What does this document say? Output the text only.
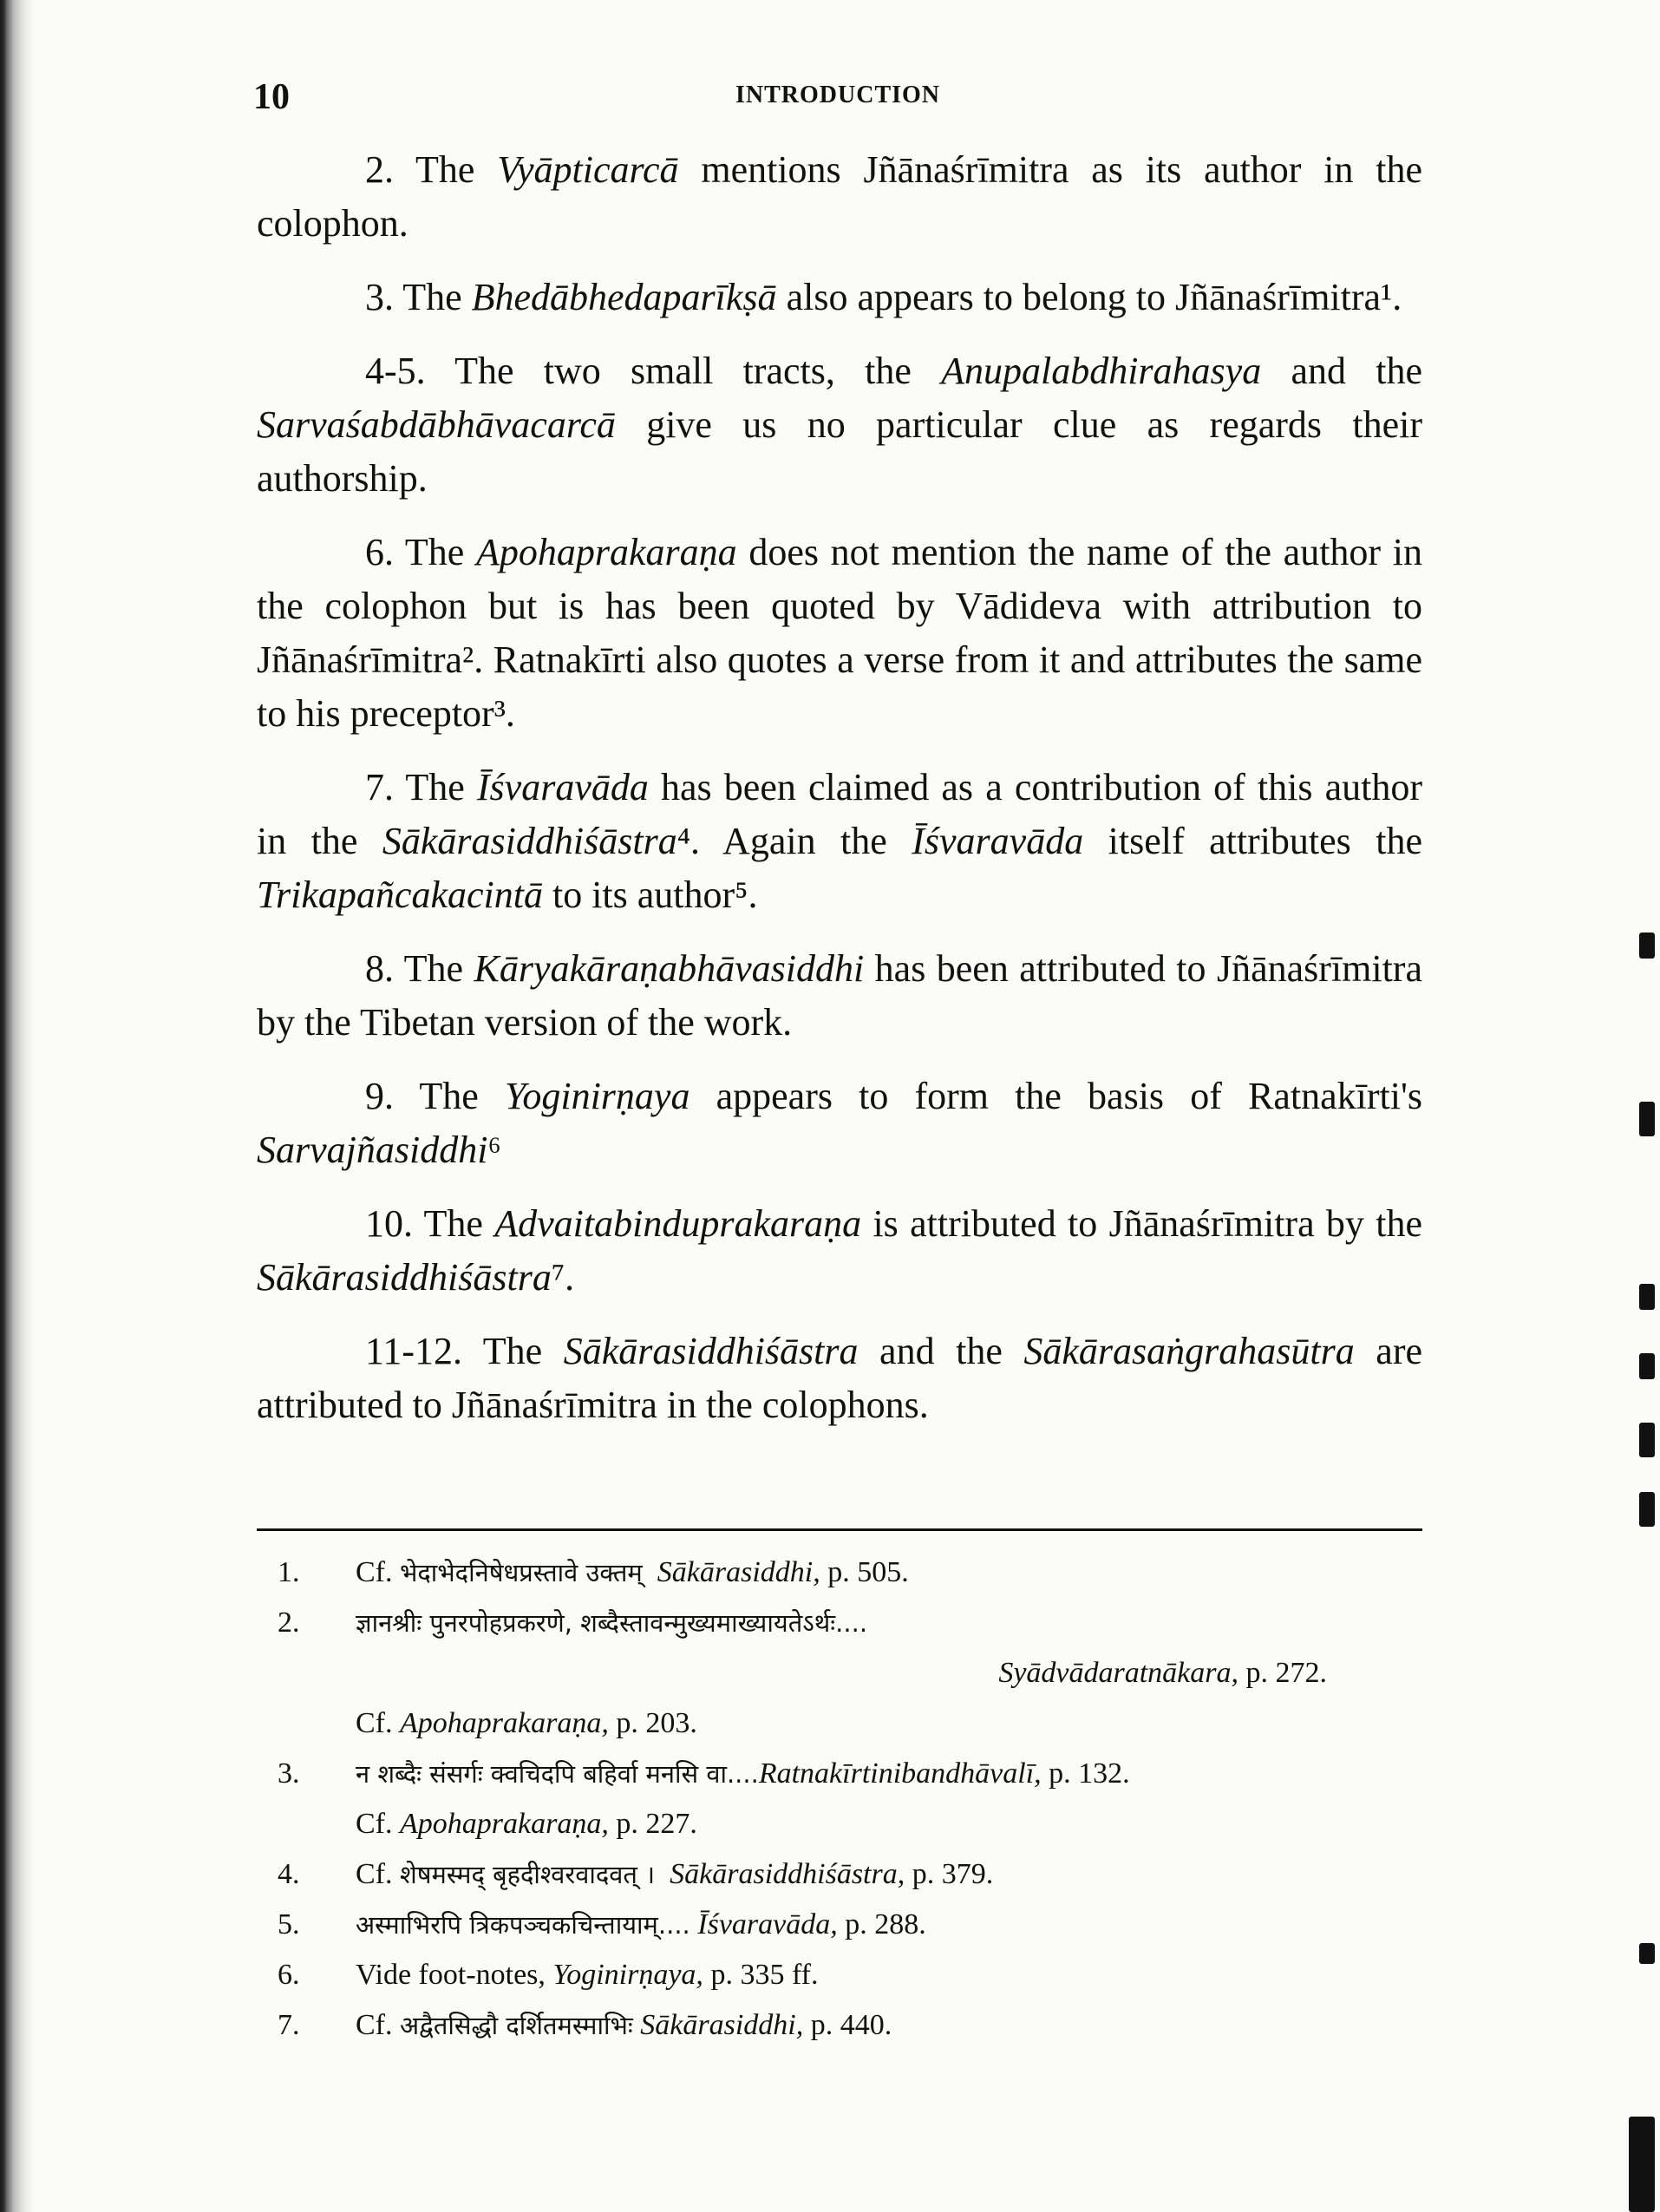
10	INTRODUCTION

2. The Vyāpticarcā mentions Jñānaśrīmitra as its author in the colophon.

3. The Bhedābhedaparīkṣā also appears to belong to Jñānaśrīmitra¹.

4-5. The two small tracts, the Anupalabdhirahasya and the Sarvaśabdābhāvacarcā give us no particular clue as regards their authorship.

6. The Apohaprakaraṇa does not mention the name of the author in the colophon but is has been quoted by Vādideva with attribution to Jñānaśrīmitra². Ratnakīrti also quotes a verse from it and attributes the same to his preceptor³.

7. The Īśvaravāda has been claimed as a contribution of this author in the Sākārasiddhiśāstra⁴. Again the Īśvaravāda itself attributes the Trikapañcakacintā to its author⁵.

8. The Kāryakāraṇabhāvasiddhi has been attributed to Jñānaśrīmitra by the Tibetan version of the work.

9. The Yoginirṇaya appears to form the basis of Ratnakīrti's Sarvajñasiddhi⁶

10. The Advaitabinduprakaraṇa is attributed to Jñānaśrīmitra by the Sākārasiddhiśāstra⁷.

11-12. The Sākārasiddhiśāstra and the Sākārasaṅgrahasūtra are attributed to Jñānaśrīmitra in the colophons.

1.	Cf. भेदाभेदनिषेधप्रस्तावे उक्तम् Sākārasiddhi, p. 505.
2.	ज्ञानश्रीः पुनरपोहप्रकरणे, शब्दैस्तावन्मुख्यमाख्यायतेऽर्थः....
Syādvādaratnākara, p. 272.
Cf. Apohaprakaraṇa, p. 203.
3.	न शब्दैः संसर्गः क्वचिदपि बहिर्वा मनसि वा....Ratnakīrtinibandhāvalī, p. 132.
Cf. Apohaprakaraṇa, p. 227.
4.	Cf. शेषमस्मद् बृहदीश्वरवादवत् । Sākārasiddhiśāstra, p. 379.
5.	अस्माभिरपि त्रिकपञ्चकचिन्तायाम्.... Īśvaravāda, p. 288.
6.	Vide foot-notes, Yoginirṇaya, p. 335 ff.
7.	Cf. अद्वैतसिद्धौ दर्शितमस्माभिः Sākārasiddhi, p. 440.
